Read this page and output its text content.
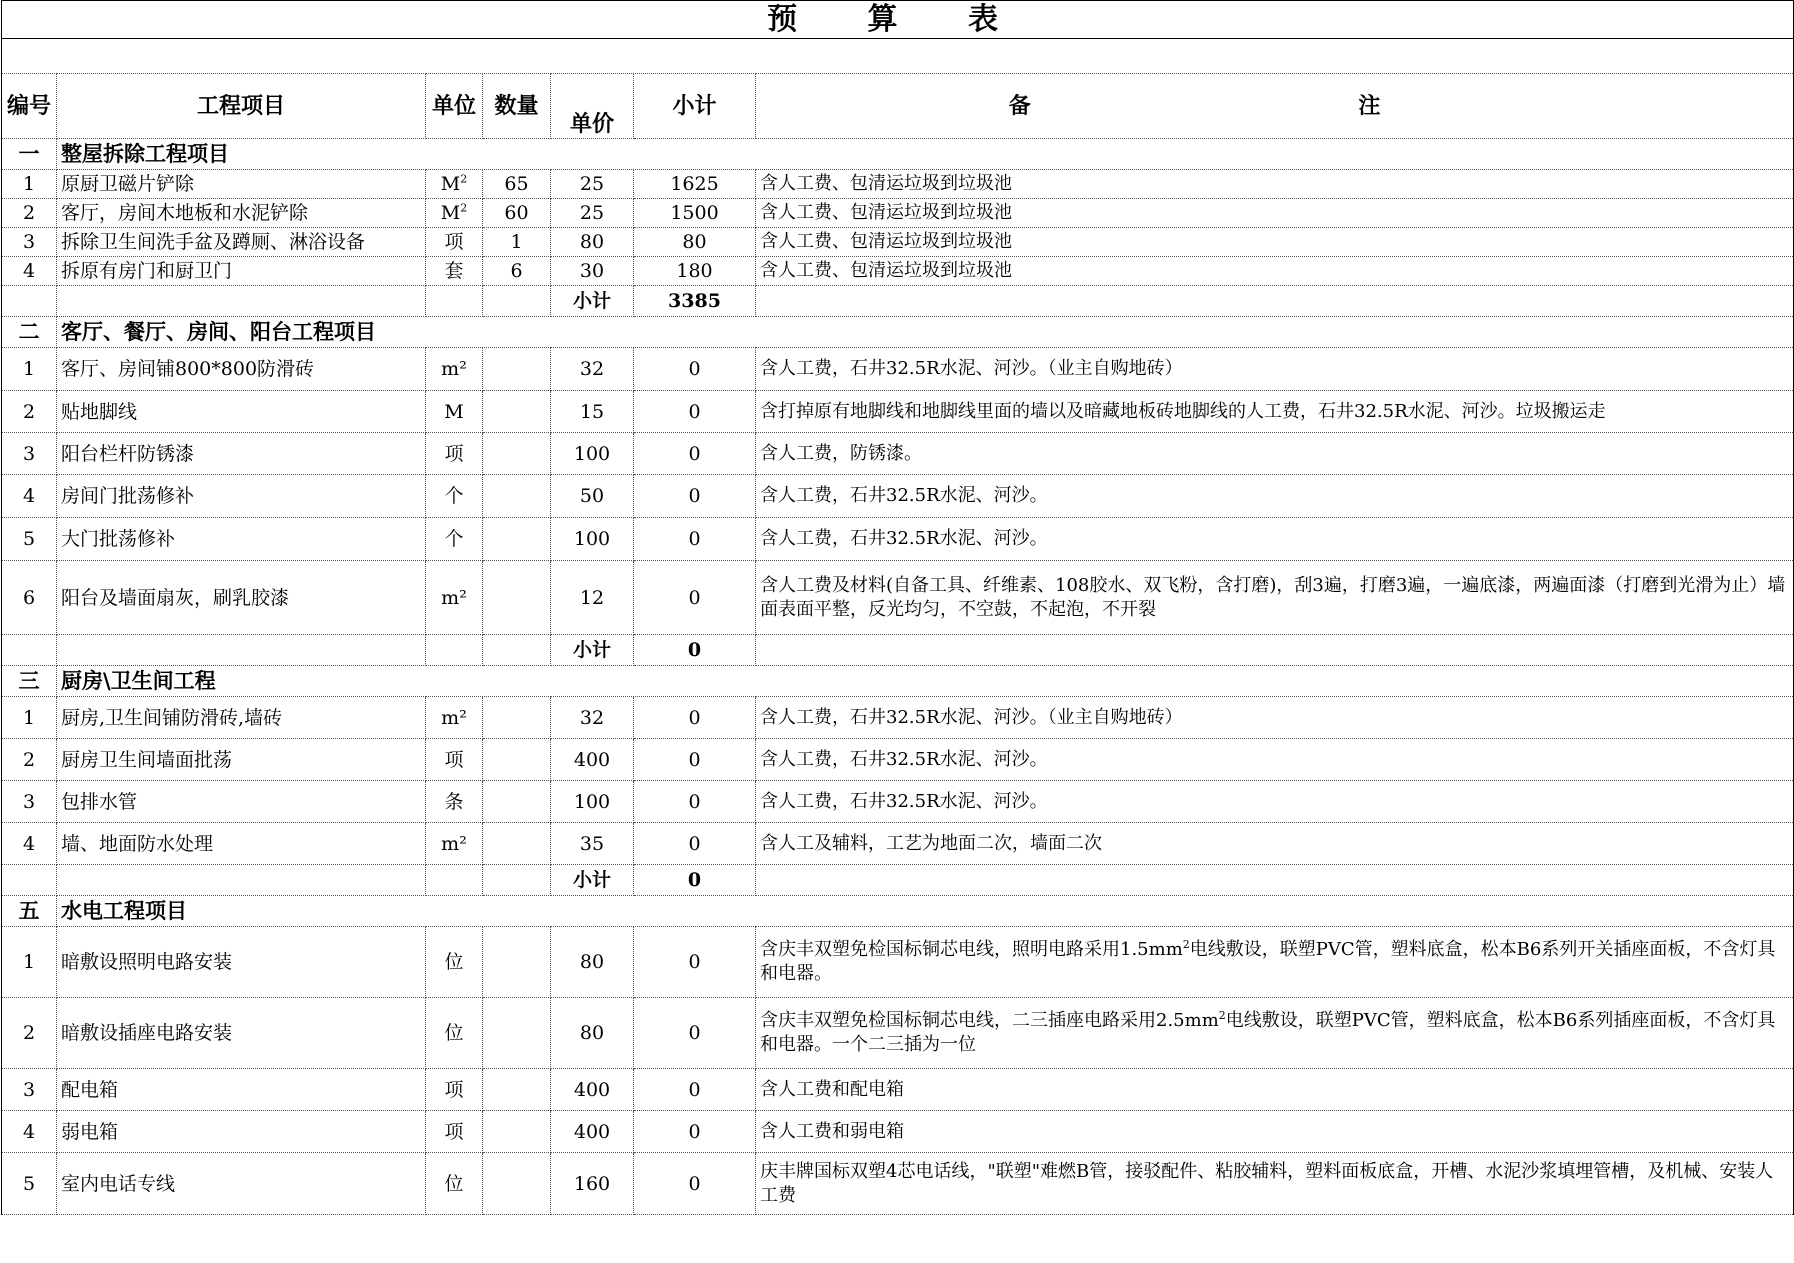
预 算 表						

编号	工程项目	单位	数量	单价	小计	备 注
一	整屋拆除工程项目					
1	原厨卫磁片铲除	$M^2$	65	25	1625	含人工费、包清运垃圾到垃圾池
2	客厅，房间木地板和水泥铲除	$M^2$	60	25	1500	含人工费、包清运垃圾到垃圾池
3	拆除卫生间洗手盆及蹲厕、淋浴设备	项	1	80	80	含人工费、包清运垃圾到垃圾池
4	拆原有房门和厨卫门	套	6	30	180	含人工费、包清运垃圾到垃圾池
				小计	3385	
二	客厅、餐厅、房间、阳台工程项目					
1	客厅、房间铺800*800防滑砖	m²		32	0	含人工费，石井32.5R水泥、河沙。（业主自购地砖）
2	贴地脚线	M		15	0	含打掉原有地脚线和地脚线里面的墙以及暗藏地板砖地脚线的人工费，石井32.5R水泥、河沙。垃圾搬运走
3	阳台栏杆防锈漆	项		100	0	含人工费，防锈漆。
4	房间门批荡修补	个		50	0	含人工费，石井32.5R水泥、河沙。
5	大门批荡修补	个		100	0	含人工费，石井32.5R水泥、河沙。
6	阳台及墙面扇灰，刷乳胶漆	m²		12	0	含人工费及材料(自备工具、纤维素、108胶水、双飞粉，含打磨)，刮3遍，打磨3遍，一遍底漆，两遍面漆（打磨到光滑为止）墙面表面平整，反光均匀，不空鼓，不起泡，不开裂
				小计	0	
三	厨房\卫生间工程					
1	厨房,卫生间铺防滑砖,墙砖	m²		32	0	含人工费，石井32.5R水泥、河沙。（业主自购地砖）
2	厨房卫生间墙面批荡	项		400	0	含人工费，石井32.5R水泥、河沙。
3	包排水管	条		100	0	含人工费，石井32.5R水泥、河沙。
4	墙、地面防水处理	m²		35	0	含人工及辅料，工艺为地面二次，墙面二次
				小计	0	
五	水电工程项目					
1	暗敷设照明电路安装	位		80	0	含庆丰双塑免检国标铜芯电线，照明电路采用$1.5mm^2$电线敷设，联塑PVC管，塑料底盒，松本B6系列开关插座面板，不含灯具和电器。
2	暗敷设插座电路安装	位		80	0	含庆丰双塑免检国标铜芯电线，二三插座电路采用$2.5mm^2$电线敷设，联塑PVC管，塑料底盒，松本B6系列插座面板，不含灯具和电器。一个二三插为一位
3	配电箱	项		400	0	含人工费和配电箱
4	弱电箱	项		400	0	含人工费和弱电箱
5	室内电话专线	位		160	0	庆丰牌国标双塑4芯电话线，"联塑"难燃B管，接驳配件、粘胶辅料，塑料面板底盒，开槽、水泥沙浆填埋管槽，及机械、安装人工费
